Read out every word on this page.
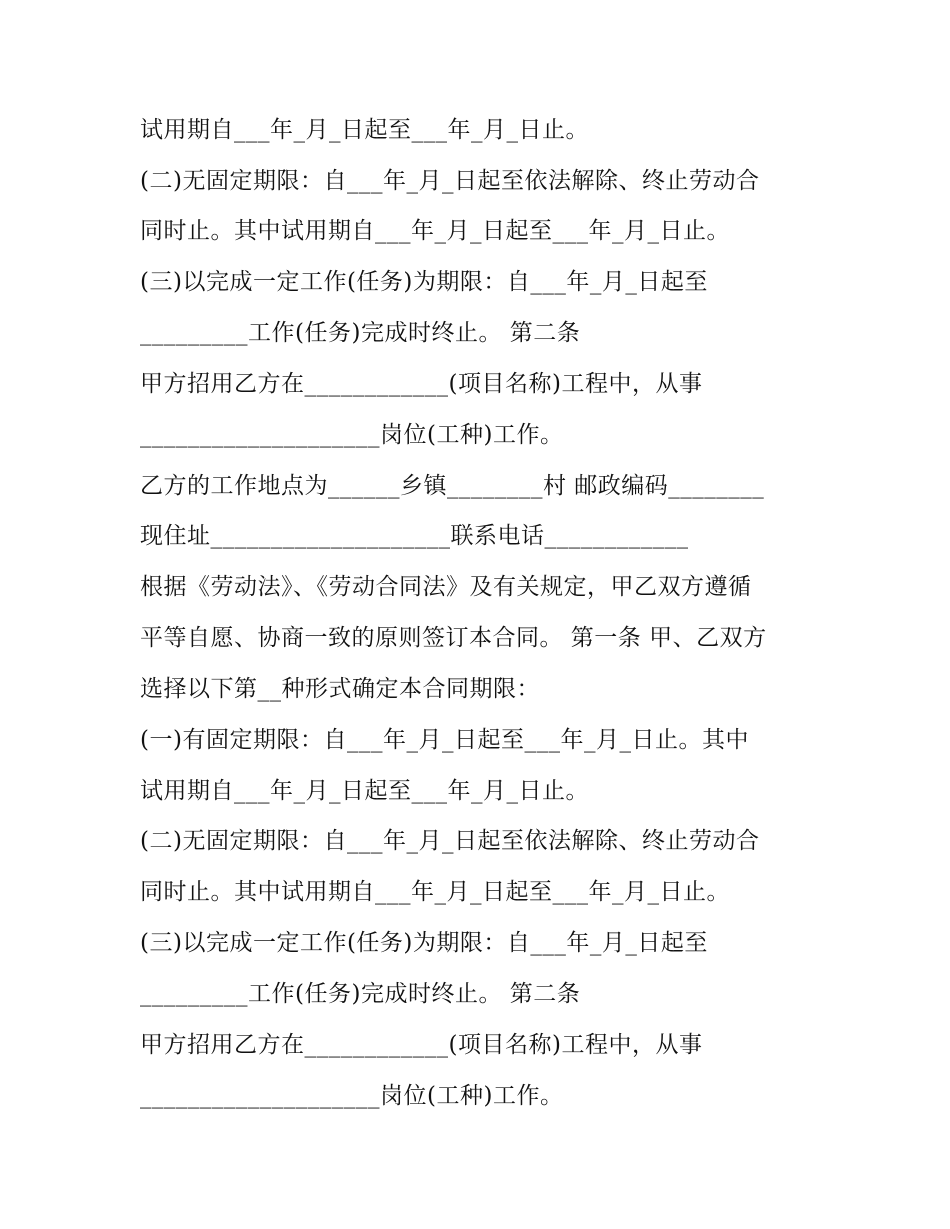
试用期自___年_月_日起至___年_月_日止。

(二)无固定期限：自___年_月_日起至依法解除、终止劳动合

同时止。其中试用期自___年_月_日起至___年_月_日止。

(三)以完成一定工作(任务)为期限：自___年_月_日起至

_________工作(任务)完成时终止。 第二条

甲方招用乙方在____________(项目名称)工程中，从事

____________________岗位(工种)工作。

乙方的工作地点为______乡镇________村 邮政编码________

现住址____________________联系电话____________

根据《劳动法》、《劳动合同法》及有关规定，甲乙双方遵循

平等自愿、协商一致的原则签订本合同。 第一条 甲、乙双方

选择以下第__种形式确定本合同期限：

(一)有固定期限：自___年_月_日起至___年_月_日止。其中

试用期自___年_月_日起至___年_月_日止。

(二)无固定期限：自___年_月_日起至依法解除、终止劳动合

同时止。其中试用期自___年_月_日起至___年_月_日止。

(三)以完成一定工作(任务)为期限：自___年_月_日起至

_________工作(任务)完成时终止。 第二条

甲方招用乙方在____________(项目名称)工程中，从事

____________________岗位(工种)工作。
